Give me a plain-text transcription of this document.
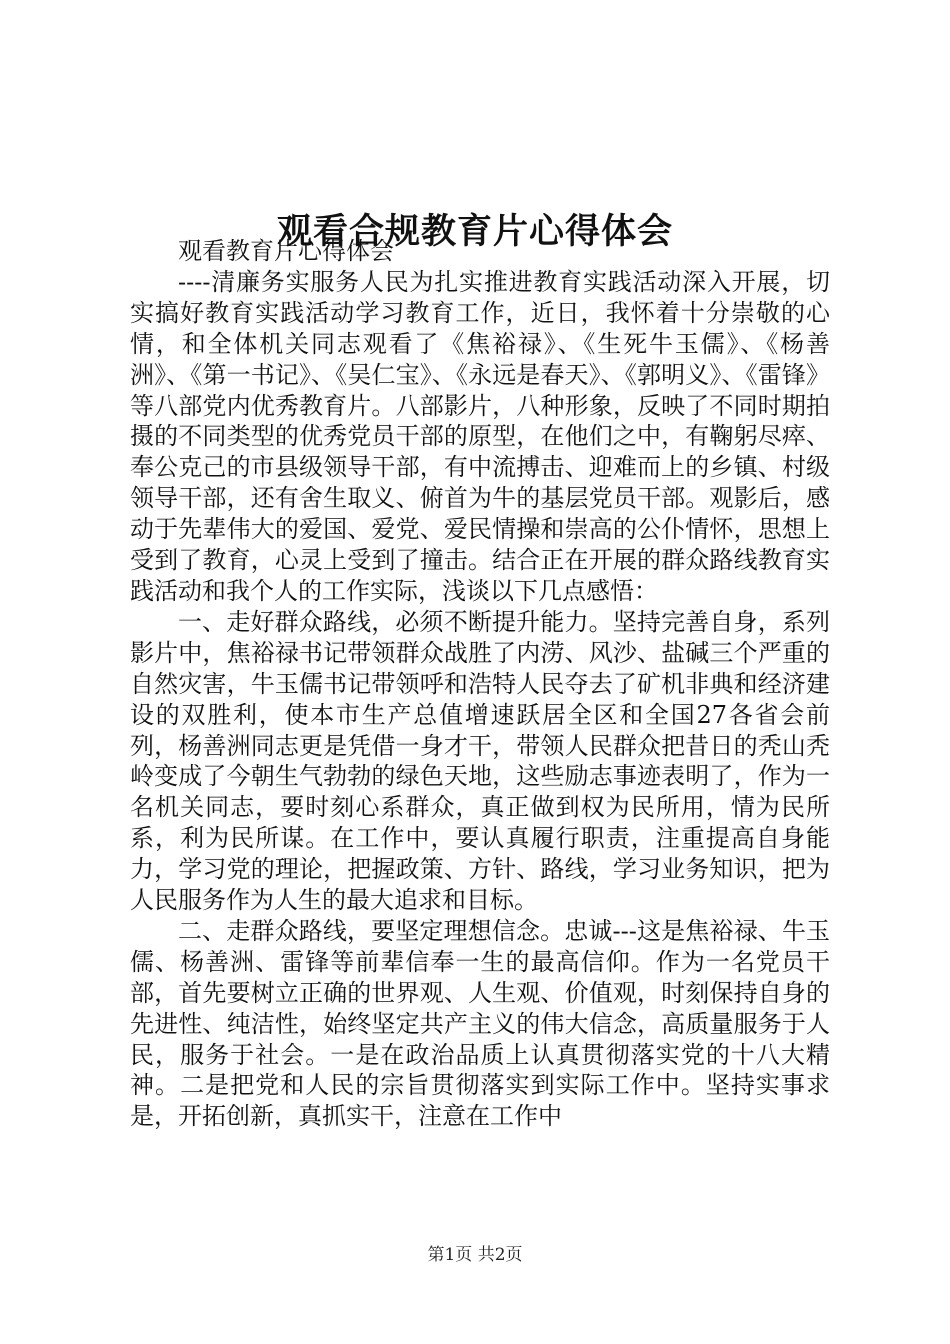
观看合规教育片心得体会

观看教育片心得体会

----清廉务实服务人民为扎实推进教育实践活动深入开展，切实搞好教育实践活动学习教育工作，近日，我怀着十分崇敬的心情，和全体机关同志观看了《焦裕禄》、《生死牛玉儒》、《杨善洲》、《第一书记》、《吴仁宝》、《永远是春天》、《郭明义》、《雷锋》等八部党内优秀教育片。八部影片，八种形象，反映了不同时期拍摄的不同类型的优秀党员干部的原型，在他们之中，有鞠躬尽瘁、奉公克己的市县级领导干部，有中流搏击、迎难而上的乡镇、村级领导干部，还有舍生取义、俯首为牛的基层党员干部。观影后，感动于先辈伟大的爱国、爱党、爱民情操和崇高的公仆情怀，思想上受到了教育，心灵上受到了撞击。结合正在开展的群众路线教育实践活动和我个人的工作实际，浅谈以下几点感悟：

一、走好群众路线，必须不断提升能力。坚持完善自身，系列影片中，焦裕禄书记带领群众战胜了内涝、风沙、盐碱三个严重的自然灾害，牛玉儒书记带领呼和浩特人民夺去了矿机非典和经济建设的双胜利，使本市生产总值增速跃居全区和全国27各省会前列，杨善洲同志更是凭借一身才干，带领人民群众把昔日的秃山秃岭变成了今朝生气勃勃的绿色天地，这些励志事迹表明了，作为一名机关同志，要时刻心系群众，真正做到权为民所用，情为民所系，利为民所谋。在工作中，要认真履行职责，注重提高自身能力，学习党的理论，把握政策、方针、路线，学习业务知识，把为人民服务作为人生的最大追求和目标。

二、走群众路线，要坚定理想信念。忠诚---这是焦裕禄、牛玉儒、杨善洲、雷锋等前辈信奉一生的最高信仰。作为一名党员干部，首先要树立正确的世界观、人生观、价值观，时刻保持自身的先进性、纯洁性，始终坚定共产主义的伟大信念，高质量服务于人民，服务于社会。一是在政治品质上认真贯彻落实党的十八大精神。二是把党和人民的宗旨贯彻落实到实际工作中。坚持实事求是，开拓创新，真抓实干，注意在工作中

第1页 共2页
